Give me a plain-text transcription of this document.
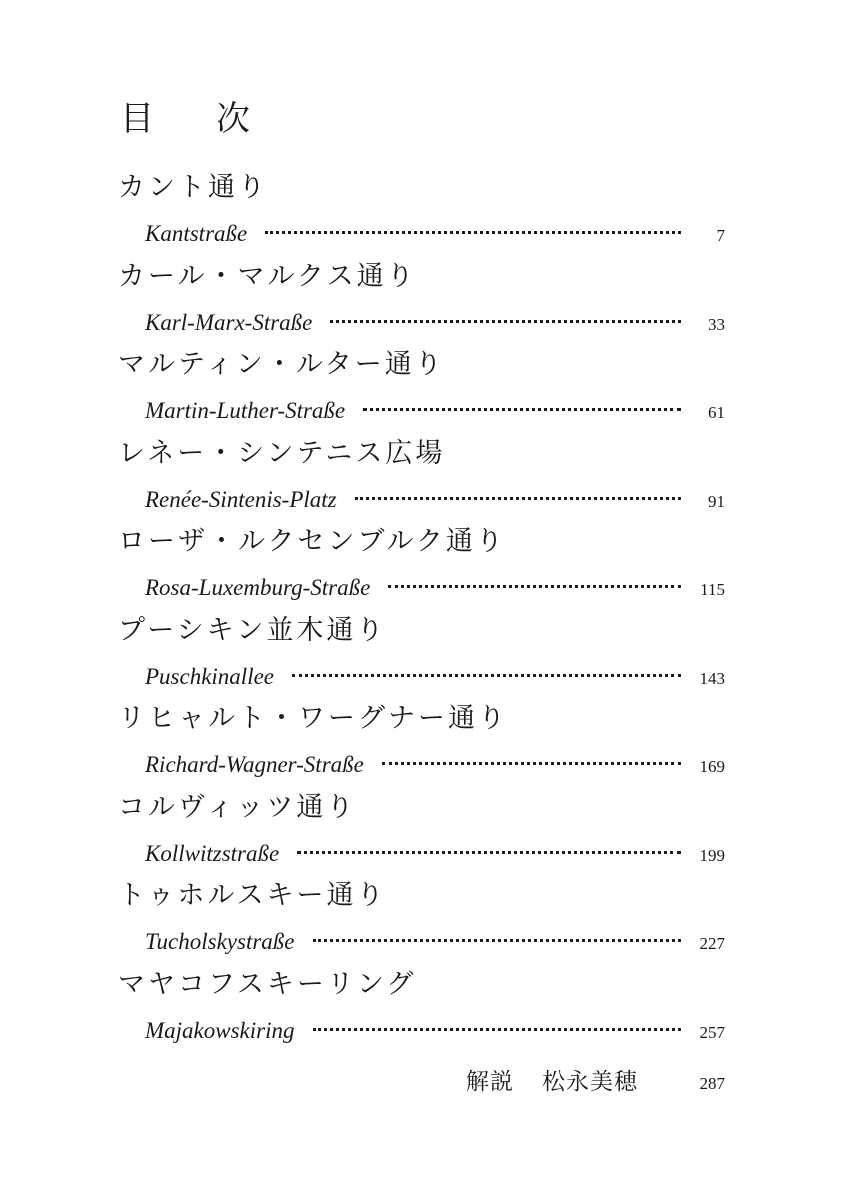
目　次
カント通り
Kantstraße	7
カール・マルクス通り
Karl-Marx-Straße	33
マルティン・ルター通り
Martin-Luther-Straße	61
レネー・シンテニス広場
Renée-Sintenis-Platz	91
ローザ・ルクセンブルク通り
Rosa-Luxemburg-Straße	115
プーシキン並木通り
Puschkinallee	143
リヒャルト・ワーグナー通り
Richard-Wagner-Straße	169
コルヴィッツ通り
Kollwitzstraße	199
トゥホルスキー通り
Tucholskystraße	227
マヤコフスキーリング
Majakowskiring	257
解説 松永美穂	287
